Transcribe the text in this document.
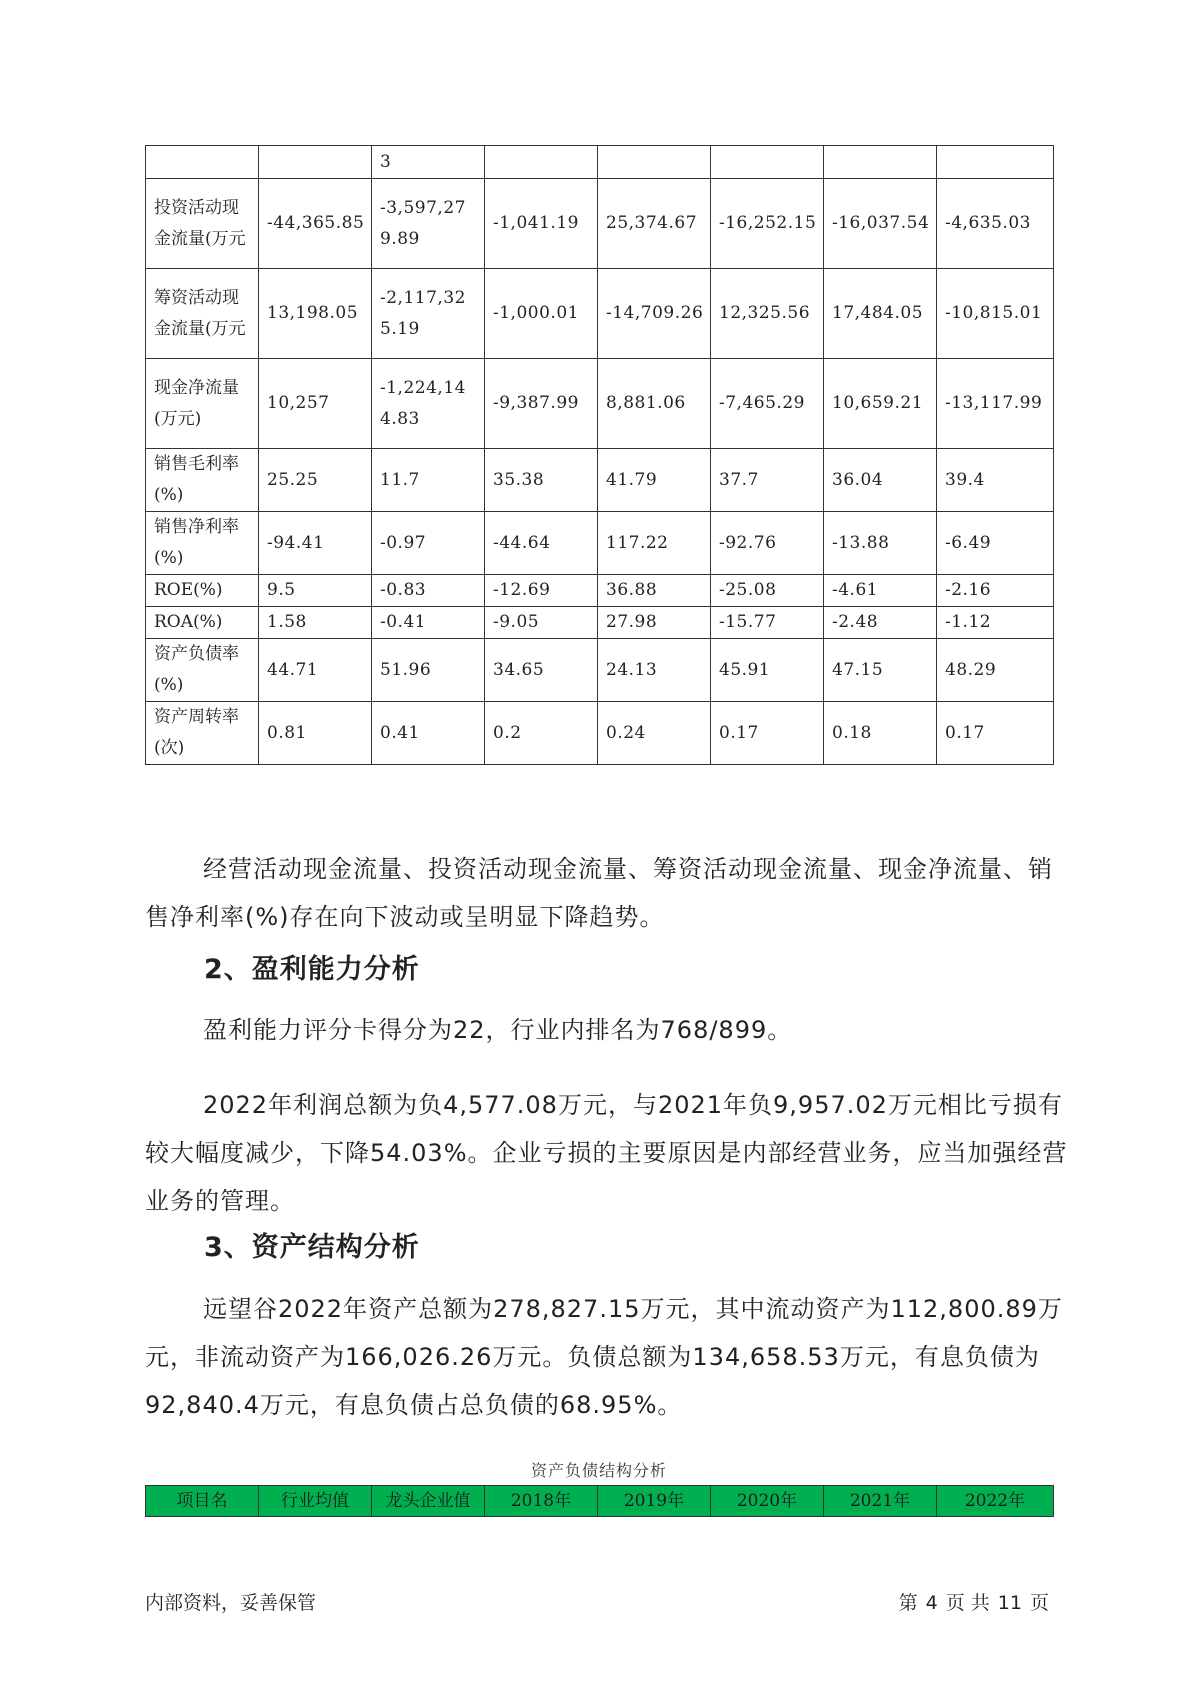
		3					
投资活动现金流量(万元	-44,365.85	-3,597,279.89	-1,041.19	25,374.67	-16,252.15	-16,037.54	-4,635.03
筹资活动现金流量(万元	13,198.05	-2,117,325.19	-1,000.01	-14,709.26	12,325.56	17,484.05	-10,815.01
现金净流量(万元)	10,257	-1,224,144.83	-9,387.99	8,881.06	-7,465.29	10,659.21	-13,117.99
销售毛利率(%)	25.25	11.7	35.38	41.79	37.7	36.04	39.4
销售净利率(%)	-94.41	-0.97	-44.64	117.22	-92.76	-13.88	-6.49
ROE(%)	9.5	-0.83	-12.69	36.88	-25.08	-4.61	-2.16
ROA(%)	1.58	-0.41	-9.05	27.98	-15.77	-2.48	-1.12
资产负债率(%)	44.71	51.96	34.65	24.13	45.91	47.15	48.29
资产周转率(次)	0.81	0.41	0.2	0.24	0.17	0.18	0.17

经营活动现金流量、投资活动现金流量、筹资活动现金流量、现金净流量、销售净利率(%)存在向下波动或呈明显下降趋势。

2、盈利能力分析

盈利能力评分卡得分为22，行业内排名为768/899。

2022年利润总额为负4,577.08万元，与2021年负9,957.02万元相比亏损有较大幅度减少，下降54.03%。企业亏损的主要原因是内部经营业务，应当加强经营业务的管理。

3、资产结构分析

远望谷2022年资产总额为278,827.15万元，其中流动资产为112,800.89万元，非流动资产为166,026.26万元。负债总额为134,658.53万元，有息负债为92,840.4万元，有息负债占总负债的68.95%。

资产负债结构分析
项目名	行业均值	龙头企业值	2018年	2019年	2020年	2021年	2022年
内部资料，妥善保管	第 4 页 共 11 页
